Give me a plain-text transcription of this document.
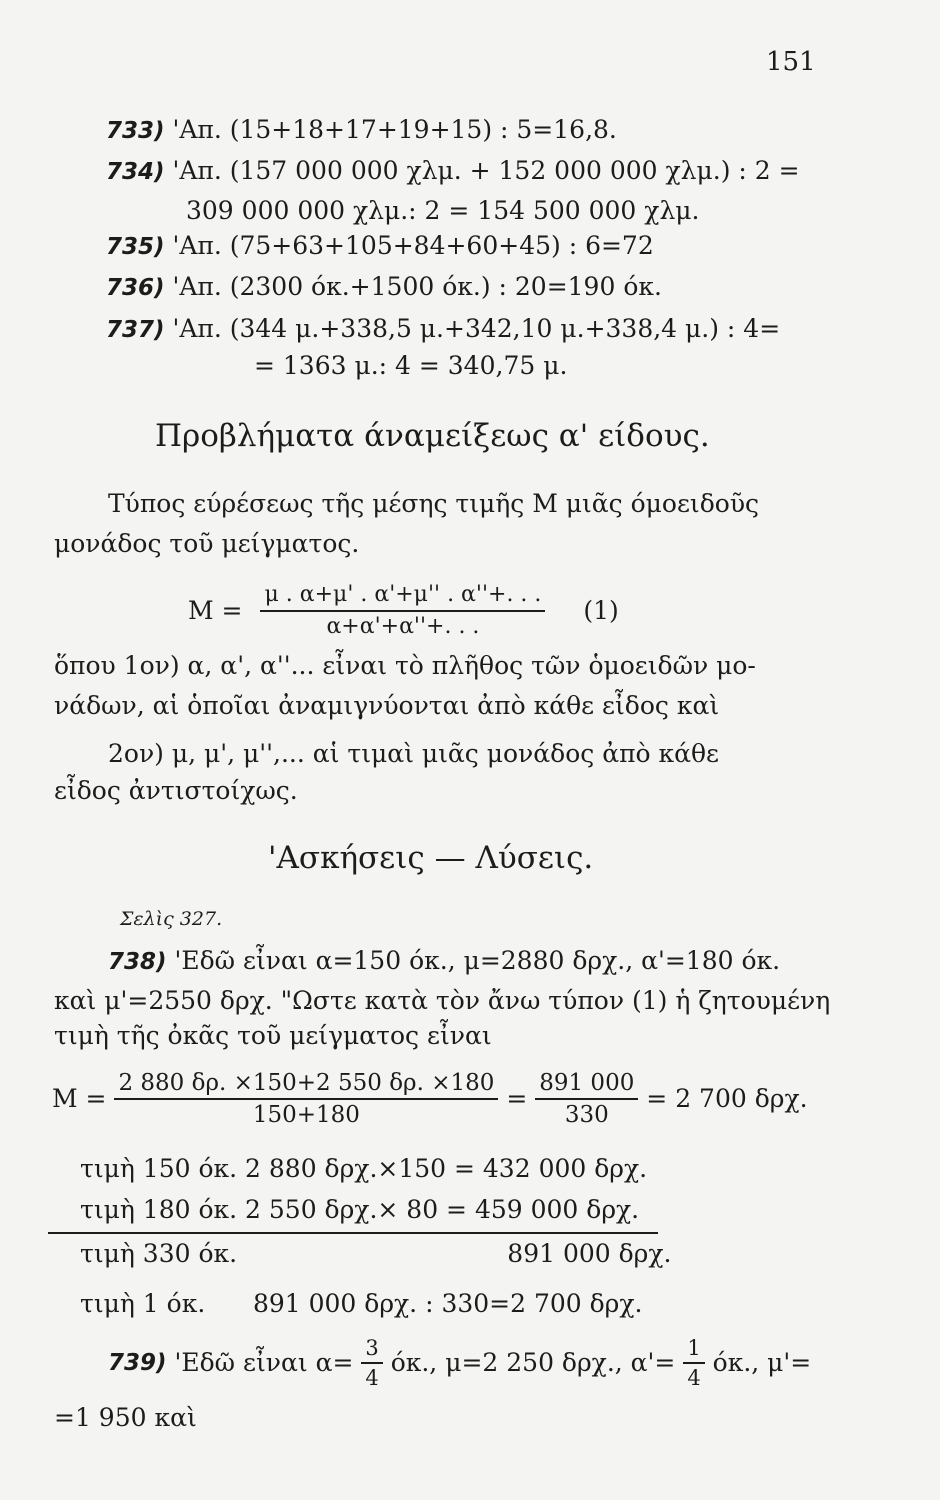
151
733) 'Απ. (15+18+17+19+15) : 5=16,8.
734) 'Απ. (157 000 000 χλμ. + 152 000 000 χλμ.) : 2 =
309 000 000 χλμ.: 2 = 154 500 000 χλμ.
735) 'Απ. (75+63+105+84+60+45) : 6=72
736) 'Απ. (2300 όκ.+1500 όκ.) : 20=190 όκ.
737) 'Απ. (344 μ.+338,5 μ.+342,10 μ.+338,4 μ.) : 4=
= 1363 μ.: 4 = 340,75 μ.
Προβλήματα άναμείξεως α' είδους.
Τύπος εύρέσεως τῆς μέσης τιμῆς Μ μιᾶς όμοειδοῦς
μονάδος τοῦ μείγματος.
$M = \frac{\mu . \alpha+\mu' . \alpha'+\mu'' . \alpha''+. . .}{\alpha+\alpha'+\alpha''+. . .} (1)$
ὅπου 1ον) α, α', α''... εἶναι τὸ πλῆθος τῶν ὁμοειδῶν μο-
νάδων, αἱ ὁποῖαι ἀναμιγνύονται ἀπὸ κάθε εἶδος καὶ
2ον) μ, μ', μ'',... αἱ τιμαὶ μιᾶς μονάδος ἀπὸ κάθε
εἶδος ἀντιστοίχως.
'Ασκήσεις — Λύσεις.
Σελὶς 327.
738) 'Εδῶ εἶναι α=150 όκ., μ=2880 δρχ., α'=180 όκ.
καὶ μ'=2550 δρχ. "Ωστε κατὰ τὸν ἄνω τύπον (1) ἡ ζητουμένη
τιμὴ τῆς ὀκᾶς τοῦ μείγματος εἶναι
$M = \frac{2 880 \delta\rho. \times 150+2 550 \delta\rho. \times 180}{150+180} = \frac{891 000}{330} = 2$ 700 δρχ.
τιμὴ 150 όκ. 2 880 δρχ.×150 = 432 000 δρχ.
τιμὴ 180 όκ. 2 550 δρχ.× 80 = 459 000 δρχ.
τιμὴ 330 όκ.                                  891 000 δρχ.
τιμὴ 1 όκ.      891 000 δρχ. : 330=2 700 δρχ.
739) 'Εδῶ εἶναι $\alpha= \frac{3}{4} ό\kappa$., μ=2 250 δρχ., $\alpha'= \frac{1}{4} ό\kappa$., μ'=
=1 950 καὶ
